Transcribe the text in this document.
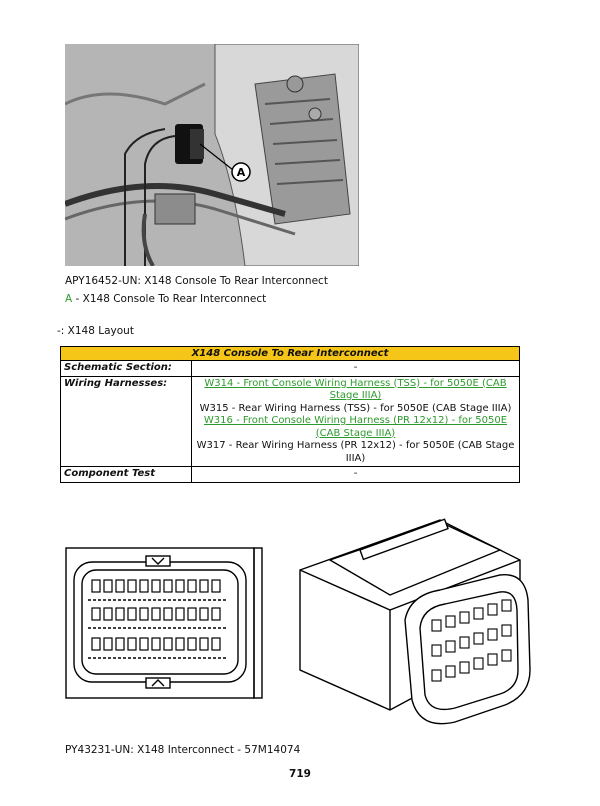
A
APY16452-UN: X148 Console To Rear Interconnect
A - X148 Console To Rear Interconnect
-: X148 Layout
X148 Console To Rear Interconnect	
Schematic Section:	-
Wiring Harnesses:	W314 - Front Console Wiring Harness (TSS) - for 5050E (CAB Stage IIIA)
W315 - Rear Wiring Harness (TSS) - for 5050E (CAB Stage IIIA)
W316 - Front Console Wiring Harness (PR 12x12) - for 5050E (CAB Stage IIIA)
W317 - Rear Wiring Harness (PR 12x12) - for 5050E (CAB Stage IIIA)

Component Test	-
PY43231-UN: X148 Interconnect - 57M14074
719
